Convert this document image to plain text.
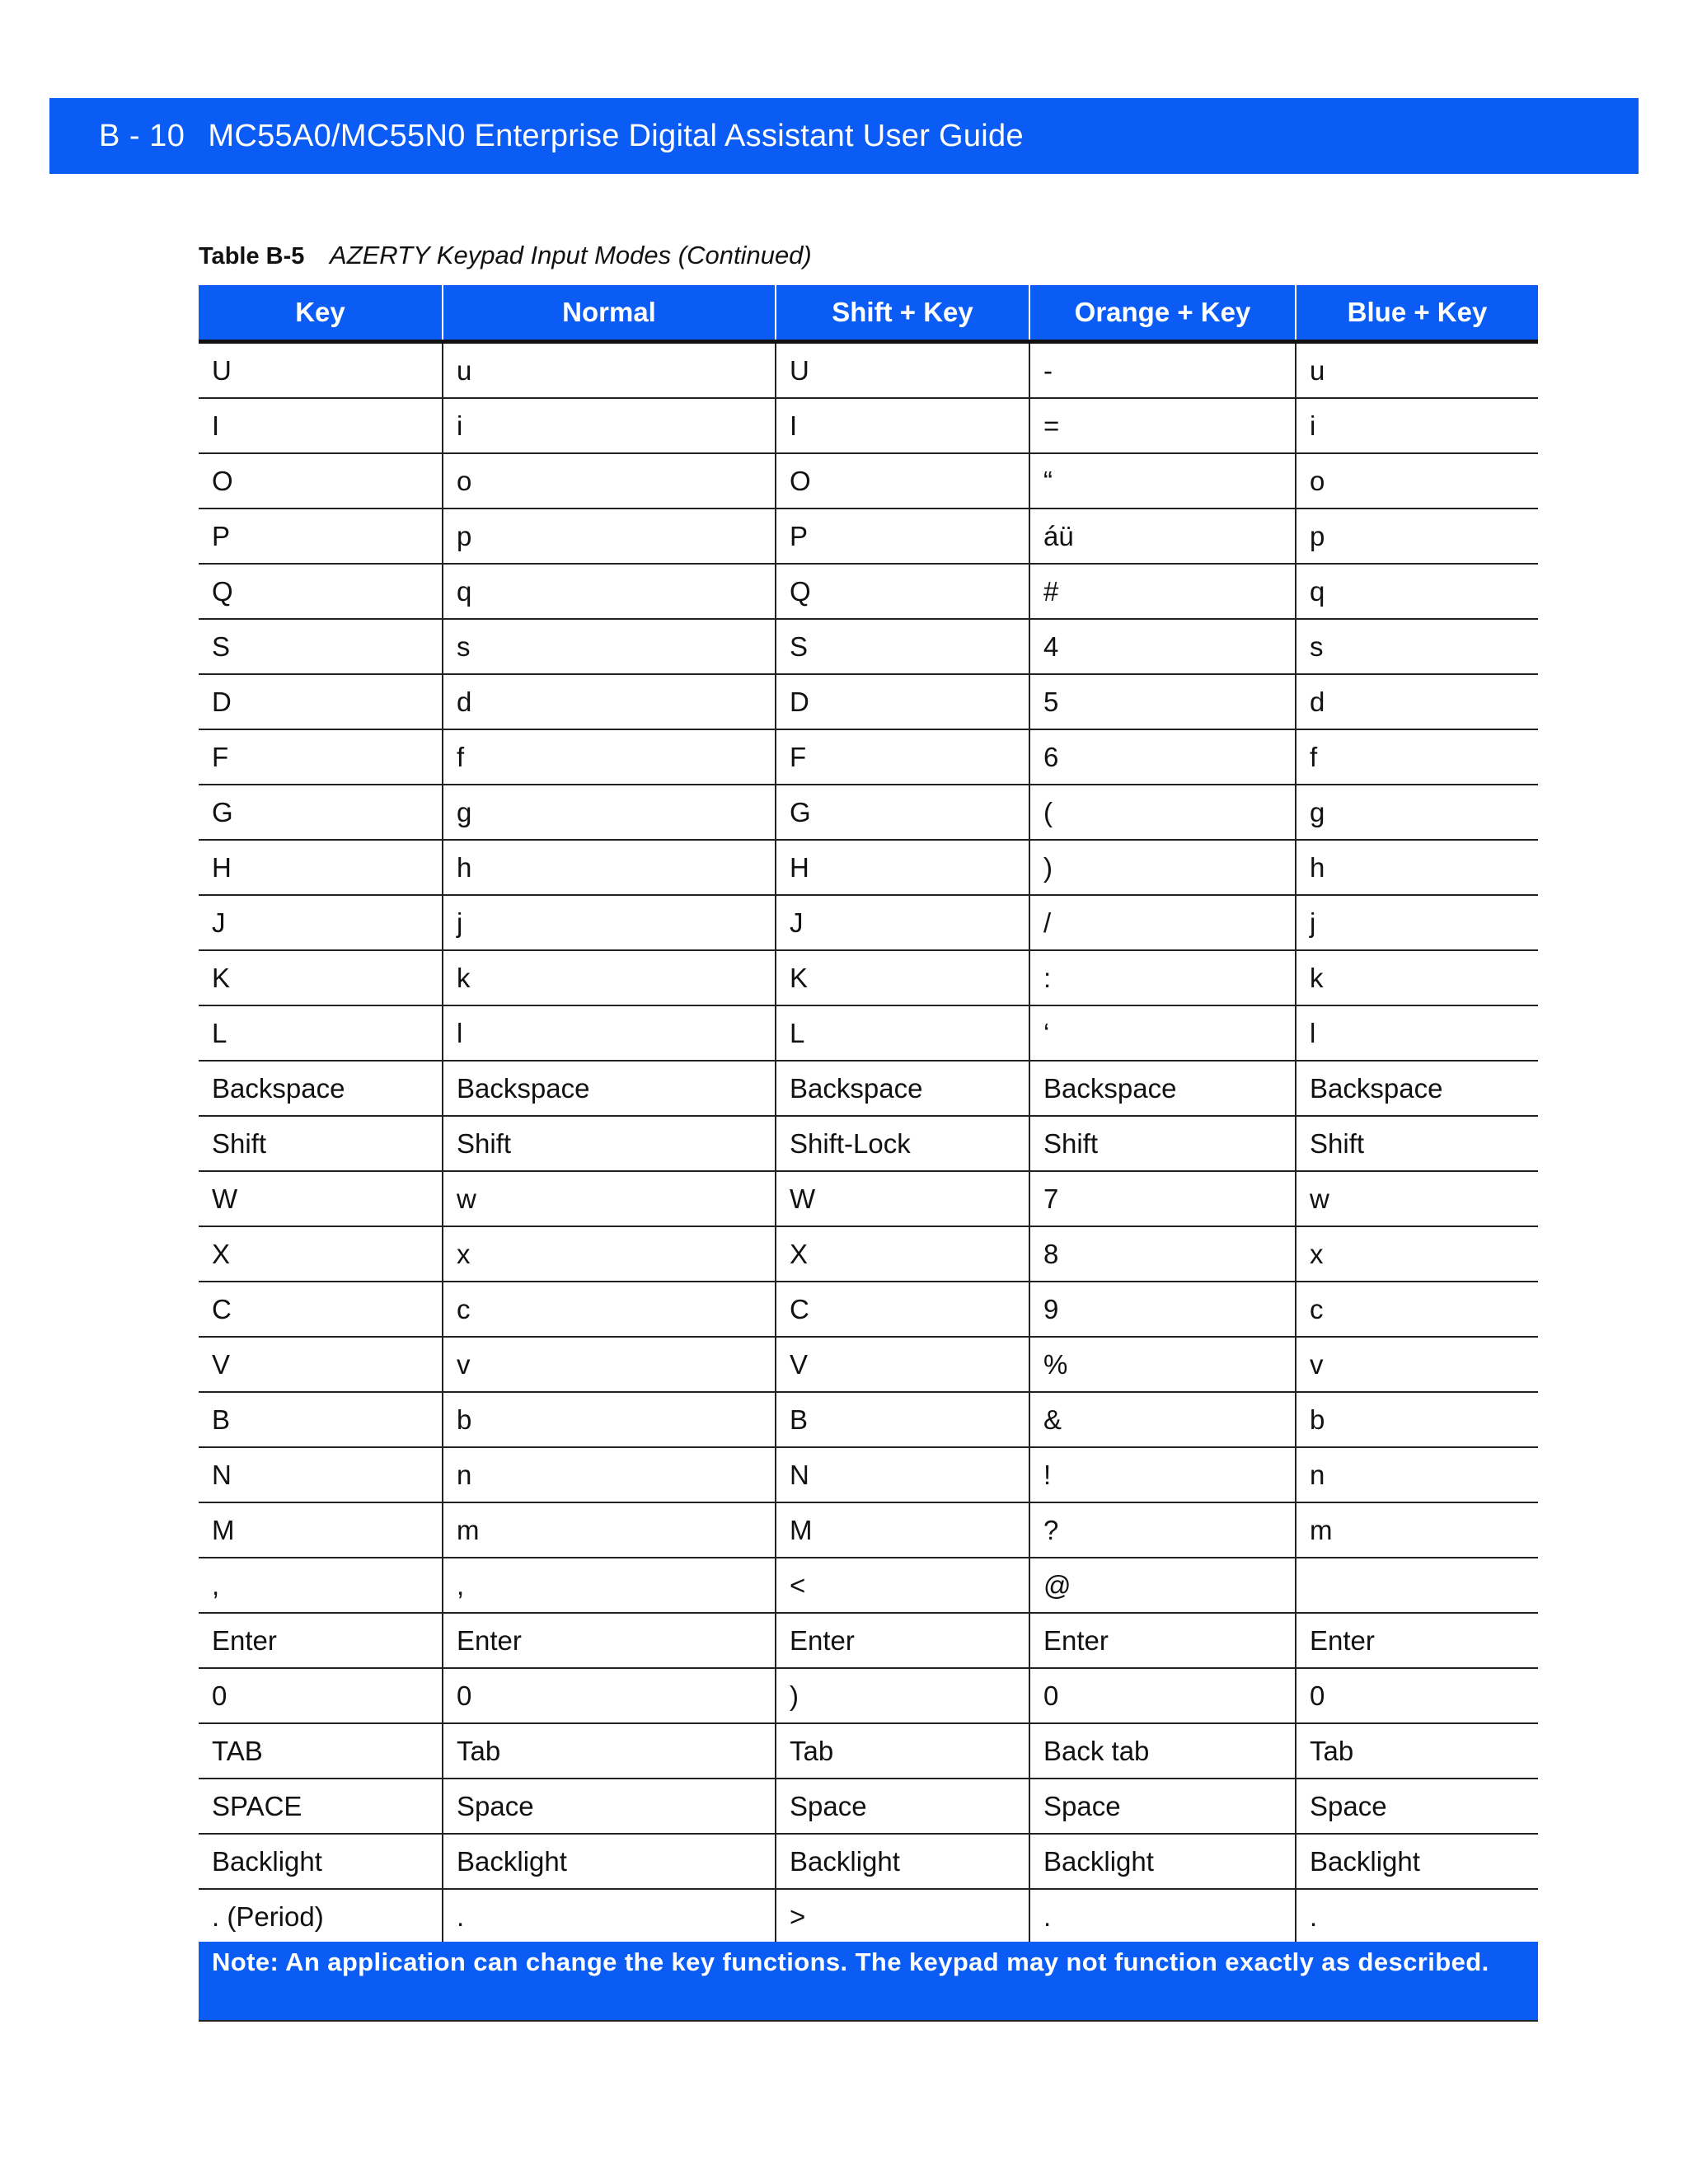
B - 10 MC55A0/MC55N0 Enterprise Digital Assistant User Guide
Table B-5 AZERTY Keypad Input Modes (Continued)
Key	Normal	Shift + Key	Orange + Key	Blue + Key
U	u	U	-	u
I	i	I	=	i
O	o	O	“	o
P	p	P	áü	p
Q	q	Q	#	q
S	s	S	4	s
D	d	D	5	d
F	f	F	6	f
G	g	G	(	g
H	h	H	)	h
J	j	J	/	j
K	k	K	:	k
L	l	L	‘	l
Backspace	Backspace	Backspace	Backspace	Backspace
Shift	Shift	Shift-Lock	Shift	Shift
W	w	W	7	w
X	x	X	8	x
C	c	C	9	c
V	v	V	%	v
B	b	B	&	b
N	n	N	!	n
M	m	M	?	m
,	,	<	@	
Enter	Enter	Enter	Enter	Enter
0	0	)	0	0
TAB	Tab	Tab	Back tab	Tab
SPACE	Space	Space	Space	Space
Backlight	Backlight	Backlight	Backlight	Backlight
. (Period)	.	>	.	.
Note: An application can change the key functions. The keypad may not function exactly as described.
